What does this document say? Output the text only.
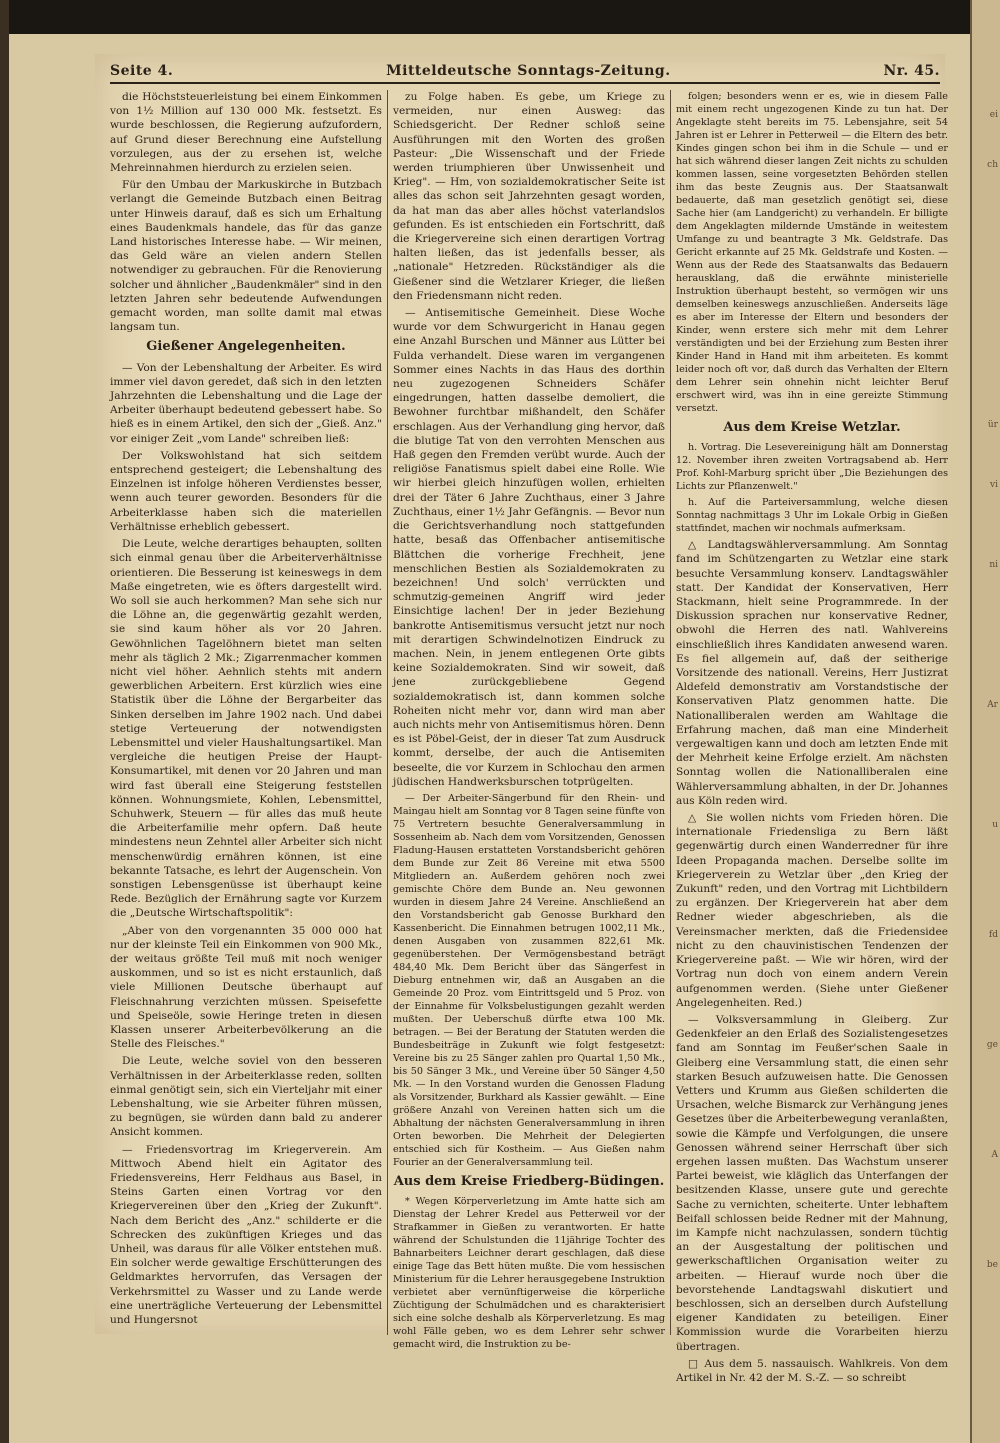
ei
ch
ür
vi
ni
Ar
u
fd
ge
A
be
Seite 4.	Mitteldeutsche Sonntags-Zeitung.	Nr. 45.

die Höchststeuerleistung bei einem Einkommen von 1½ Million auf 130 000 Mk. festsetzt. Es wurde beschlossen, die Regierung aufzufordern, auf Grund dieser Berechnung eine Aufstellung vorzulegen, aus der zu ersehen ist, welche Mehreinnahmen hierdurch zu erzielen seien.

Für den Umbau der Markuskirche in Butzbach verlangt die Gemeinde Butzbach einen Beitrag unter Hinweis darauf, daß es sich um Erhaltung eines Baudenkmals handele, das für das ganze Land historisches Interesse habe. — Wir meinen, das Geld wäre an vielen andern Stellen notwendiger zu gebrauchen. Für die Renovierung solcher und ähnlicher „Baudenkmäler" sind in den letzten Jahren sehr bedeutende Aufwendungen gemacht worden, man sollte damit mal etwas langsam tun.

Gießener Angelegenheiten.

— Von der Lebenshaltung der Arbeiter. Es wird immer viel davon geredet, daß sich in den letzten Jahrzehnten die Lebenshaltung und die Lage der Arbeiter überhaupt bedeutend gebessert habe. So hieß es in einem Artikel, den sich der „Gieß. Anz." vor einiger Zeit „vom Lande" schreiben ließ:

Der Volkswohlstand hat sich seitdem entsprechend gesteigert; die Lebenshaltung des Einzelnen ist infolge höheren Verdienstes besser, wenn auch teurer geworden. Besonders für die Arbeiterklasse haben sich die materiellen Verhältnisse erheblich gebessert.

Die Leute, welche derartiges behaupten, sollten sich einmal genau über die Arbeiterverhältnisse orientieren. Die Besserung ist keineswegs in dem Maße eingetreten, wie es öfters dargestellt wird. Wo soll sie auch herkommen? Man sehe sich nur die Löhne an, die gegenwärtig gezahlt werden, sie sind kaum höher als vor 20 Jahren. Gewöhnlichen Tagelöhnern bietet man selten mehr als täglich 2 Mk.; Zigarrenmacher kommen nicht viel höher. Aehnlich stehts mit andern gewerblichen Arbeitern. Erst kürzlich wies eine Statistik über die Löhne der Bergarbeiter das Sinken derselben im Jahre 1902 nach. Und dabei stetige Verteuerung der notwendigsten Lebensmittel und vieler Haushaltungsartikel. Man vergleiche die heutigen Preise der Haupt-Konsumartikel, mit denen vor 20 Jahren und man wird fast überall eine Steigerung feststellen können. Wohnungsmiete, Kohlen, Lebensmittel, Schuhwerk, Steuern — für alles das muß heute die Arbeiterfamilie mehr opfern. Daß heute mindestens neun Zehntel aller Arbeiter sich nicht menschenwürdig ernähren können, ist eine bekannte Tatsache, es lehrt der Augenschein. Von sonstigen Lebensgenüsse ist überhaupt keine Rede. Bezüglich der Ernährung sagte vor Kurzem die „Deutsche Wirtschaftspolitik":

„Aber von den vorgenannten 35 000 000 hat nur der kleinste Teil ein Einkommen von 900 Mk., der weitaus größte Teil muß mit noch weniger auskommen, und so ist es nicht erstaunlich, daß viele Millionen Deutsche überhaupt auf Fleischnahrung verzichten müssen. Speisefette und Speiseöle, sowie Heringe treten in diesen Klassen unserer Arbeiterbevölkerung an die Stelle des Fleisches."

Die Leute, welche soviel von den besseren Verhältnissen in der Arbeiterklasse reden, sollten einmal genötigt sein, sich ein Vierteljahr mit einer Lebenshaltung, wie sie Arbeiter führen müssen, zu begnügen, sie würden dann bald zu anderer Ansicht kommen.

— Friedensvortrag im Kriegerverein. Am Mittwoch Abend hielt ein Agitator des Friedensvereins, Herr Feldhaus aus Basel, in Steins Garten einen Vortrag vor den Kriegervereinen über den „Krieg der Zukunft". Nach dem Bericht des „Anz." schilderte er die Schrecken des zukünftigen Krieges und das Unheil, was daraus für alle Völker entstehen muß. Ein solcher werde gewaltige Erschütterungen des Geldmarktes hervorrufen, das Versagen der Verkehrsmittel zu Wasser und zu Lande werde eine unerträgliche Verteuerung der Lebensmittel und Hungersnot

zu Folge haben. Es gebe, um Kriege zu vermeiden, nur einen Ausweg: das Schiedsgericht. Der Redner schloß seine Ausführungen mit den Worten des großen Pasteur: „Die Wissenschaft und der Friede werden triumphieren über Unwissenheit und Krieg". — Hm, von sozialdemokratischer Seite ist alles das schon seit Jahrzehnten gesagt worden, da hat man das aber alles höchst vaterlandslos gefunden. Es ist entschieden ein Fortschritt, daß die Kriegervereine sich einen derartigen Vortrag halten ließen, das ist jedenfalls besser, als „nationale" Hetzreden. Rückständiger als die Gießener sind die Wetzlarer Krieger, die ließen den Friedensmann nicht reden.

— Antisemitische Gemeinheit. Diese Woche wurde vor dem Schwurgericht in Hanau gegen eine Anzahl Burschen und Männer aus Lütter bei Fulda verhandelt. Diese waren im vergangenen Sommer eines Nachts in das Haus des dorthin neu zugezogenen Schneiders Schäfer eingedrungen, hatten dasselbe demoliert, die Bewohner furchtbar mißhandelt, den Schäfer erschlagen. Aus der Verhandlung ging hervor, daß die blutige Tat von den verrohten Menschen aus Haß gegen den Fremden verübt wurde. Auch der religiöse Fanatismus spielt dabei eine Rolle. Wie wir hierbei gleich hinzufügen wollen, erhielten drei der Täter 6 Jahre Zuchthaus, einer 3 Jahre Zuchthaus, einer 1½ Jahr Gefängnis. — Bevor nun die Gerichtsverhandlung noch stattgefunden hatte, besaß das Offenbacher antisemitische Blättchen die vorherige Frechheit, jene menschlichen Bestien als Sozialdemokraten zu bezeichnen! Und solch' verrückten und schmutzig-gemeinen Angriff wird jeder Einsichtige lachen! Der in jeder Beziehung bankrotte Antisemitismus versucht jetzt nur noch mit derartigen Schwindelnotizen Eindruck zu machen. Nein, in jenem entlegenen Orte gibts keine Sozialdemokraten. Sind wir soweit, daß jene zurückgebliebene Gegend sozialdemokratisch ist, dann kommen solche Roheiten nicht mehr vor, dann wird man aber auch nichts mehr von Antisemitismus hören. Denn es ist Pöbel-Geist, der in dieser Tat zum Ausdruck kommt, derselbe, der auch die Antisemiten beseelte, die vor Kurzem in Schlochau den armen jüdischen Handwerksburschen totprügelten.

— Der Arbeiter-Sängerbund für den Rhein- und Maingau hielt am Sonntag vor 8 Tagen seine fünfte von 75 Vertretern besuchte Generalversammlung in Sossenheim ab. Nach dem vom Vorsitzenden, Genossen Fladung-Hausen erstatteten Vorstandsbericht gehören dem Bunde zur Zeit 86 Vereine mit etwa 5500 Mitgliedern an. Außerdem gehören noch zwei gemischte Chöre dem Bunde an. Neu gewonnen wurden in diesem Jahre 24 Vereine. Anschließend an den Vorstandsbericht gab Genosse Burkhard den Kassenbericht. Die Einnahmen betrugen 1002,11 Mk., denen Ausgaben von zusammen 822,61 Mk. gegenüberstehen. Der Vermögensbestand beträgt 484,40 Mk. Dem Bericht über das Sängerfest in Dieburg entnehmen wir, daß an Ausgaben an die Gemeinde 20 Proz. vom Eintrittsgeld und 5 Proz. von der Einnahme für Volksbelustigungen gezahlt werden mußten. Der Ueberschuß dürfte etwa 100 Mk. betragen. — Bei der Beratung der Statuten werden die Bundesbeiträge in Zukunft wie folgt festgesetzt: Vereine bis zu 25 Sänger zahlen pro Quartal 1,50 Mk., bis 50 Sänger 3 Mk., und Vereine über 50 Sänger 4,50 Mk. — In den Vorstand wurden die Genossen Fladung als Vorsitzender, Burkhard als Kassier gewählt. — Eine größere Anzahl von Vereinen hatten sich um die Abhaltung der nächsten Generalversammlung in ihren Orten beworben. Die Mehrheit der Delegierten entschied sich für Kostheim. — Aus Gießen nahm Fourier an der Generalversammlung teil.

Aus dem Kreise Friedberg-Büdingen.

* Wegen Körperverletzung im Amte hatte sich am Dienstag der Lehrer Kredel aus Petterweil vor der Strafkammer in Gießen zu verantworten. Er hatte während der Schulstunden die 11jährige Tochter des Bahnarbeiters Leichner derart geschlagen, daß diese einige Tage das Bett hüten mußte. Die vom hessischen Ministerium für die Lehrer herausgegebene Instruktion verbietet aber vernünftigerweise die körperliche Züchtigung der Schulmädchen und es charakterisiert sich eine solche deshalb als Körperverletzung. Es mag wohl Fälle geben, wo es dem Lehrer sehr schwer gemacht wird, die Instruktion zu be-

folgen; besonders wenn er es, wie in diesem Falle mit einem recht ungezogenen Kinde zu tun hat. Der Angeklagte steht bereits im 75. Lebensjahre, seit 54 Jahren ist er Lehrer in Petterweil — die Eltern des betr. Kindes gingen schon bei ihm in die Schule — und er hat sich während dieser langen Zeit nichts zu schulden kommen lassen, seine vorgesetzten Behörden stellen ihm das beste Zeugnis aus. Der Staatsanwalt bedauerte, daß man gesetzlich genötigt sei, diese Sache hier (am Landgericht) zu verhandeln. Er billigte dem Angeklagten mildernde Umstände in weitestem Umfange zu und beantragte 3 Mk. Geldstrafe. Das Gericht erkannte auf 25 Mk. Geldstrafe und Kosten. — Wenn aus der Rede des Staatsanwalts das Bedauern herausklang, daß die erwähnte ministerielle Instruktion überhaupt besteht, so vermögen wir uns demselben keineswegs anzuschließen. Anderseits läge es aber im Interesse der Eltern und besonders der Kinder, wenn erstere sich mehr mit dem Lehrer verständigten und bei der Erziehung zum Besten ihrer Kinder Hand in Hand mit ihm arbeiteten. Es kommt leider noch oft vor, daß durch das Verhalten der Eltern dem Lehrer sein ohnehin nicht leichter Beruf erschwert wird, was ihn in eine gereizte Stimmung versetzt.

Aus dem Kreise Wetzlar.

h. Vortrag. Die Lesevereinigung hält am Donnerstag 12. November ihren zweiten Vortragsabend ab. Herr Prof. Kohl-Marburg spricht über „Die Beziehungen des Lichts zur Pflanzenwelt."

h. Auf die Parteiversammlung, welche diesen Sonntag nachmittags 3 Uhr im Lokale Orbig in Gießen stattfindet, machen wir nochmals aufmerksam.

△ Landtagswählerversammlung. Am Sonntag fand im Schützengarten zu Wetzlar eine stark besuchte Versammlung konserv. Landtagswähler statt. Der Kandidat der Konservativen, Herr Stackmann, hielt seine Programmrede. In der Diskussion sprachen nur konservative Redner, obwohl die Herren des natl. Wahlvereins einschließlich ihres Kandidaten anwesend waren. Es fiel allgemein auf, daß der seitherige Vorsitzende des nationall. Vereins, Herr Justizrat Aldefeld demonstrativ am Vorstandstische der Konservativen Platz genommen hatte. Die Nationalliberalen werden am Wahltage die Erfahrung machen, daß man eine Minderheit vergewaltigen kann und doch am letzten Ende mit der Mehrheit keine Erfolge erzielt. Am nächsten Sonntag wollen die Nationalliberalen eine Wählerversammlung abhalten, in der Dr. Johannes aus Köln reden wird.

△ Sie wollen nichts vom Frieden hören. Die internationale Friedensliga zu Bern läßt gegenwärtig durch einen Wanderredner für ihre Ideen Propaganda machen. Derselbe sollte im Kriegerverein zu Wetzlar über „den Krieg der Zukunft" reden, und den Vortrag mit Lichtbildern zu ergänzen. Der Kriegerverein hat aber dem Redner wieder abgeschrieben, als die Vereinsmacher merkten, daß die Friedensidee nicht zu den chauvinistischen Tendenzen der Kriegervereine paßt. — Wie wir hören, wird der Vortrag nun doch von einem andern Verein aufgenommen werden. (Siehe unter Gießener Angelegenheiten. Red.)

— Volksversammlung in Gleiberg. Zur Gedenkfeier an den Erlaß des Sozialistengesetzes fand am Sonntag im Feußer'schen Saale in Gleiberg eine Versammlung statt, die einen sehr starken Besuch aufzuweisen hatte. Die Genossen Vetters und Krumm aus Gießen schilderten die Ursachen, welche Bismarck zur Verhängung jenes Gesetzes über die Arbeiterbewegung veranlaßten, sowie die Kämpfe und Verfolgungen, die unsere Genossen während seiner Herrschaft über sich ergehen lassen mußten. Das Wachstum unserer Partei beweist, wie kläglich das Unterfangen der besitzenden Klasse, unsere gute und gerechte Sache zu vernichten, scheiterte. Unter lebhaftem Beifall schlossen beide Redner mit der Mahnung, im Kampfe nicht nachzulassen, sondern tüchtig an der Ausgestaltung der politischen und gewerkschaftlichen Organisation weiter zu arbeiten. — Hierauf wurde noch über die bevorstehende Landtagswahl diskutiert und beschlossen, sich an derselben durch Aufstellung eigener Kandidaten zu beteiligen. Einer Kommission wurde die Vorarbeiten hierzu übertragen.

□ Aus dem 5. nassauisch. Wahlkreis. Von dem Artikel in Nr. 42 der M. S.-Z. — so schreibt
